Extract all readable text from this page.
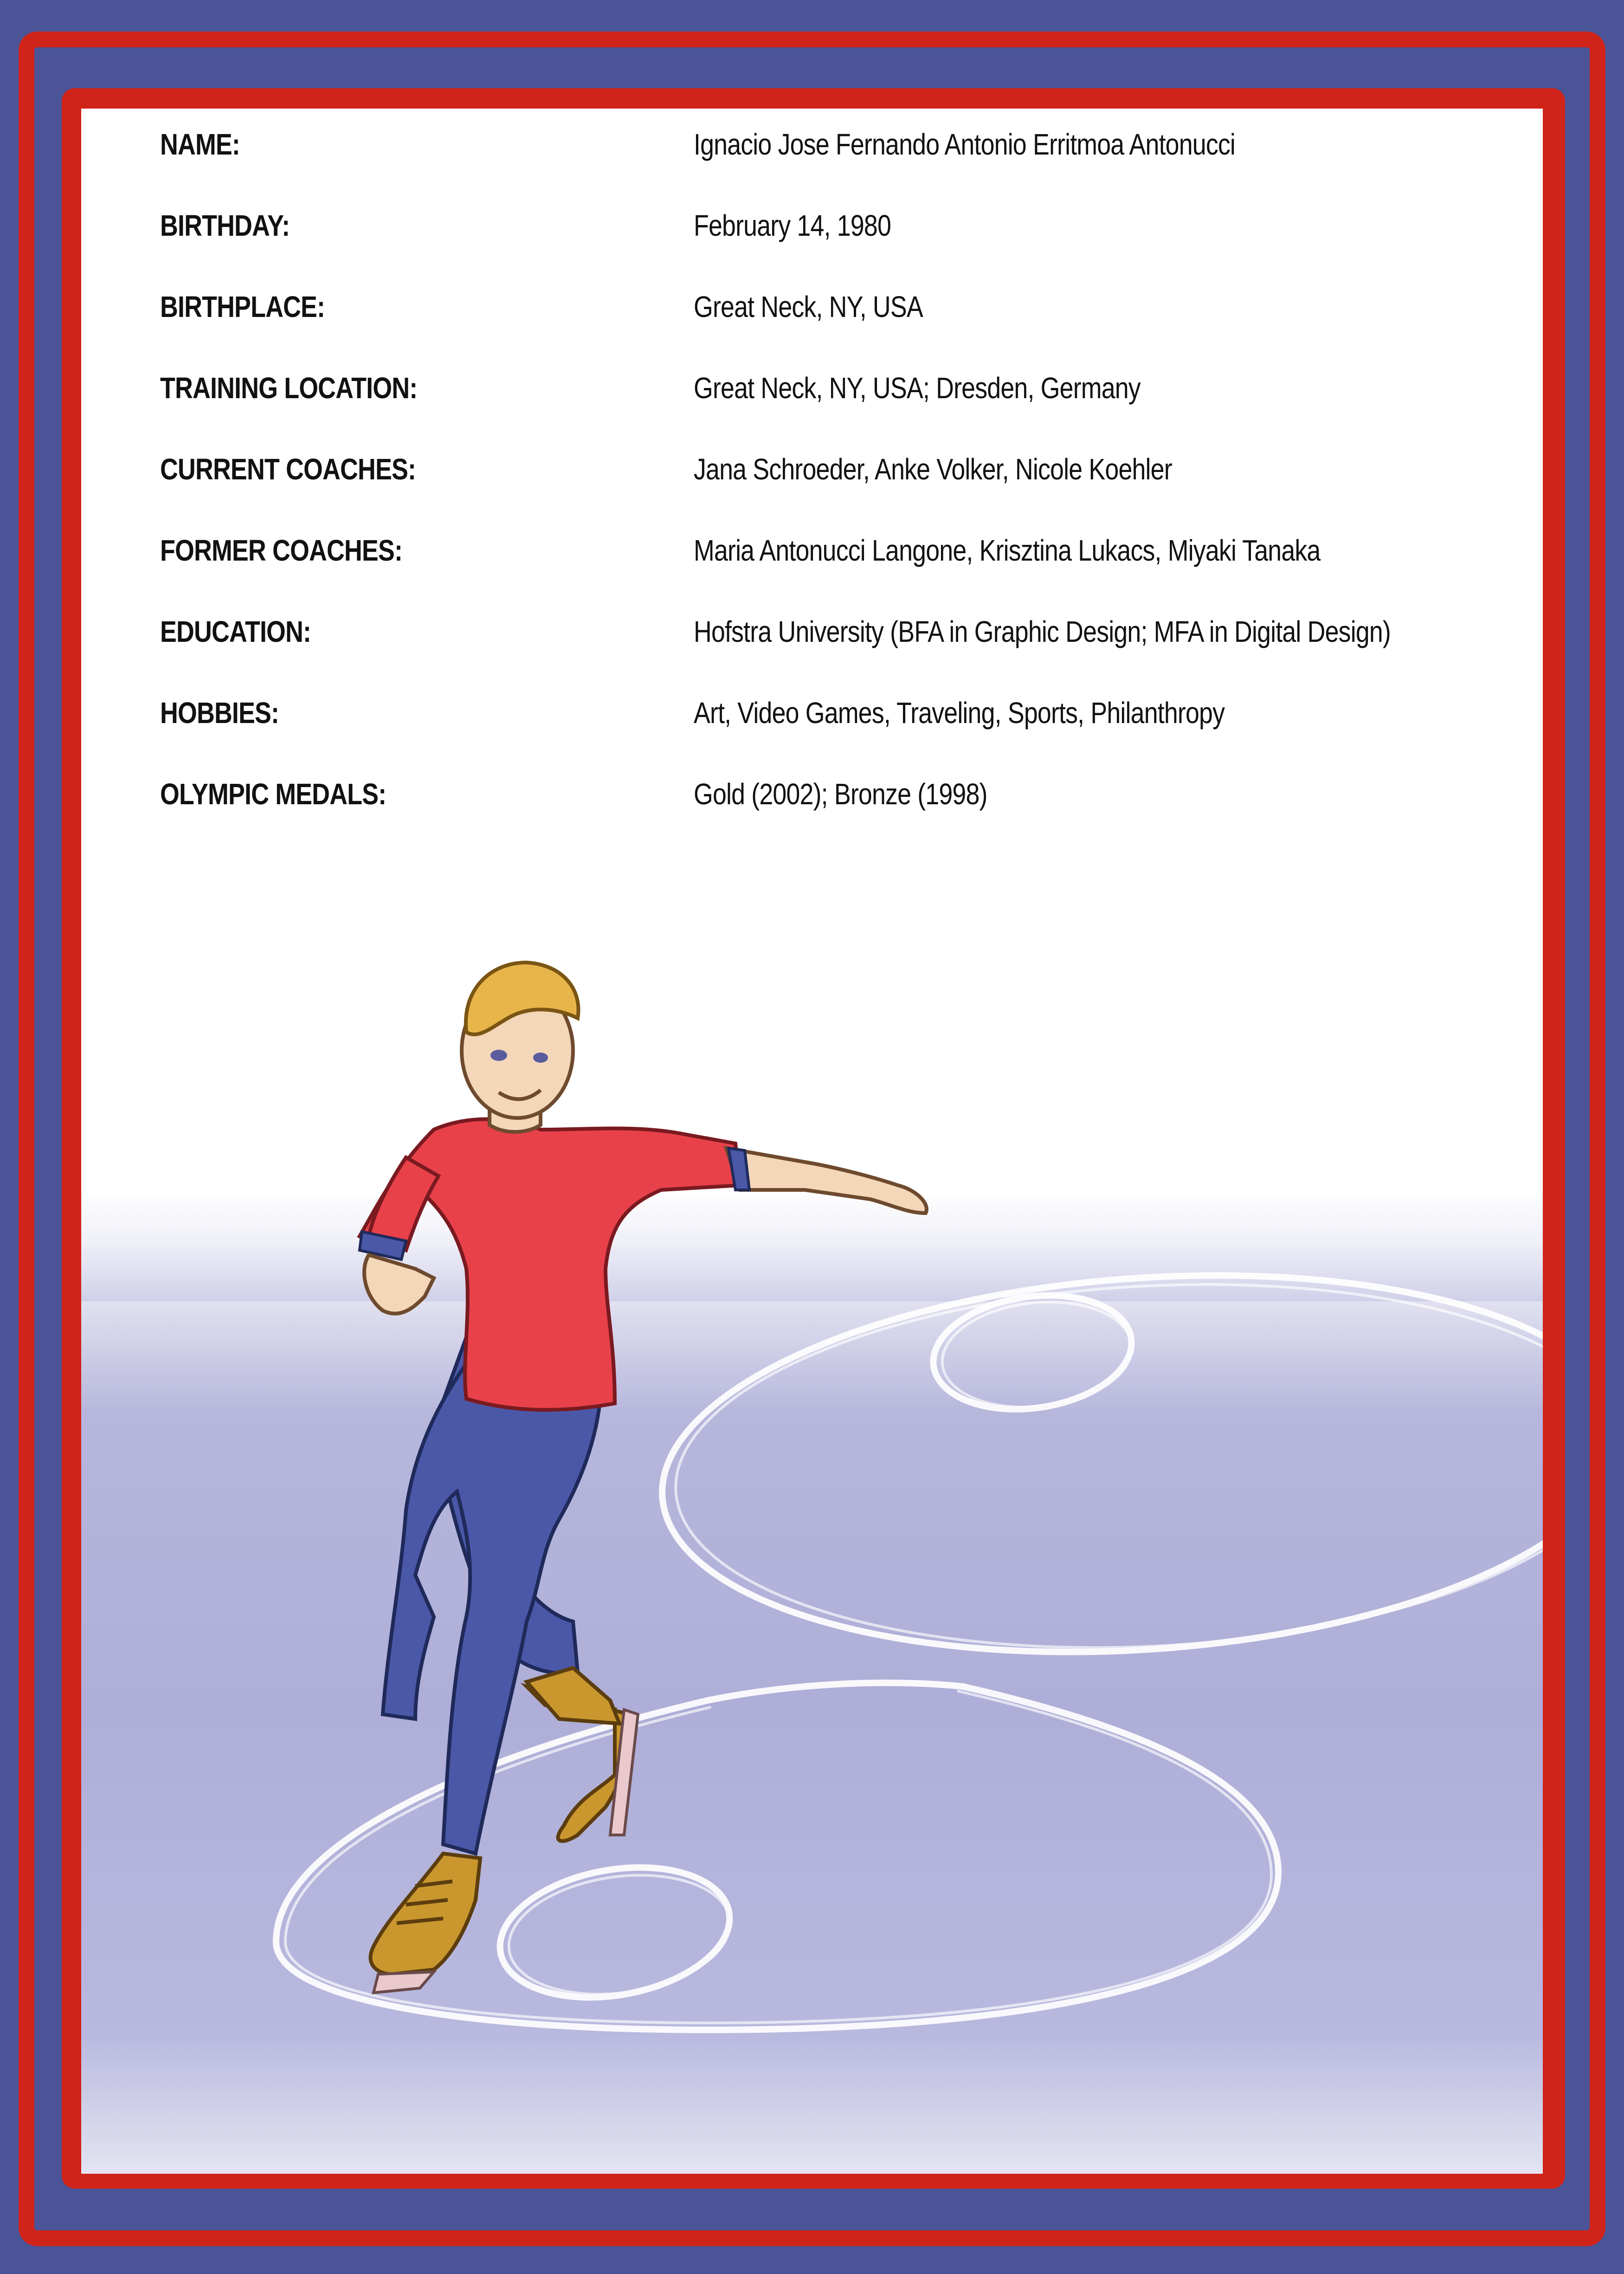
NAME:	Ignacio Jose Fernando Antonio Erritmoa Antonucci
BIRTHDAY:	February 14, 1980
BIRTHPLACE:	Great Neck, NY, USA
TRAINING LOCATION:	Great Neck, NY, USA; Dresden, Germany
CURRENT COACHES:	Jana Schroeder, Anke Volker, Nicole Koehler
FORMER COACHES:	Maria Antonucci Langone, Krisztina Lukacs, Miyaki Tanaka
EDUCATION:	Hofstra University (BFA in Graphic Design; MFA in Digital Design)
HOBBIES:	Art, Video Games, Traveling, Sports, Philanthropy
OLYMPIC MEDALS:	Gold (2002); Bronze (1998)
